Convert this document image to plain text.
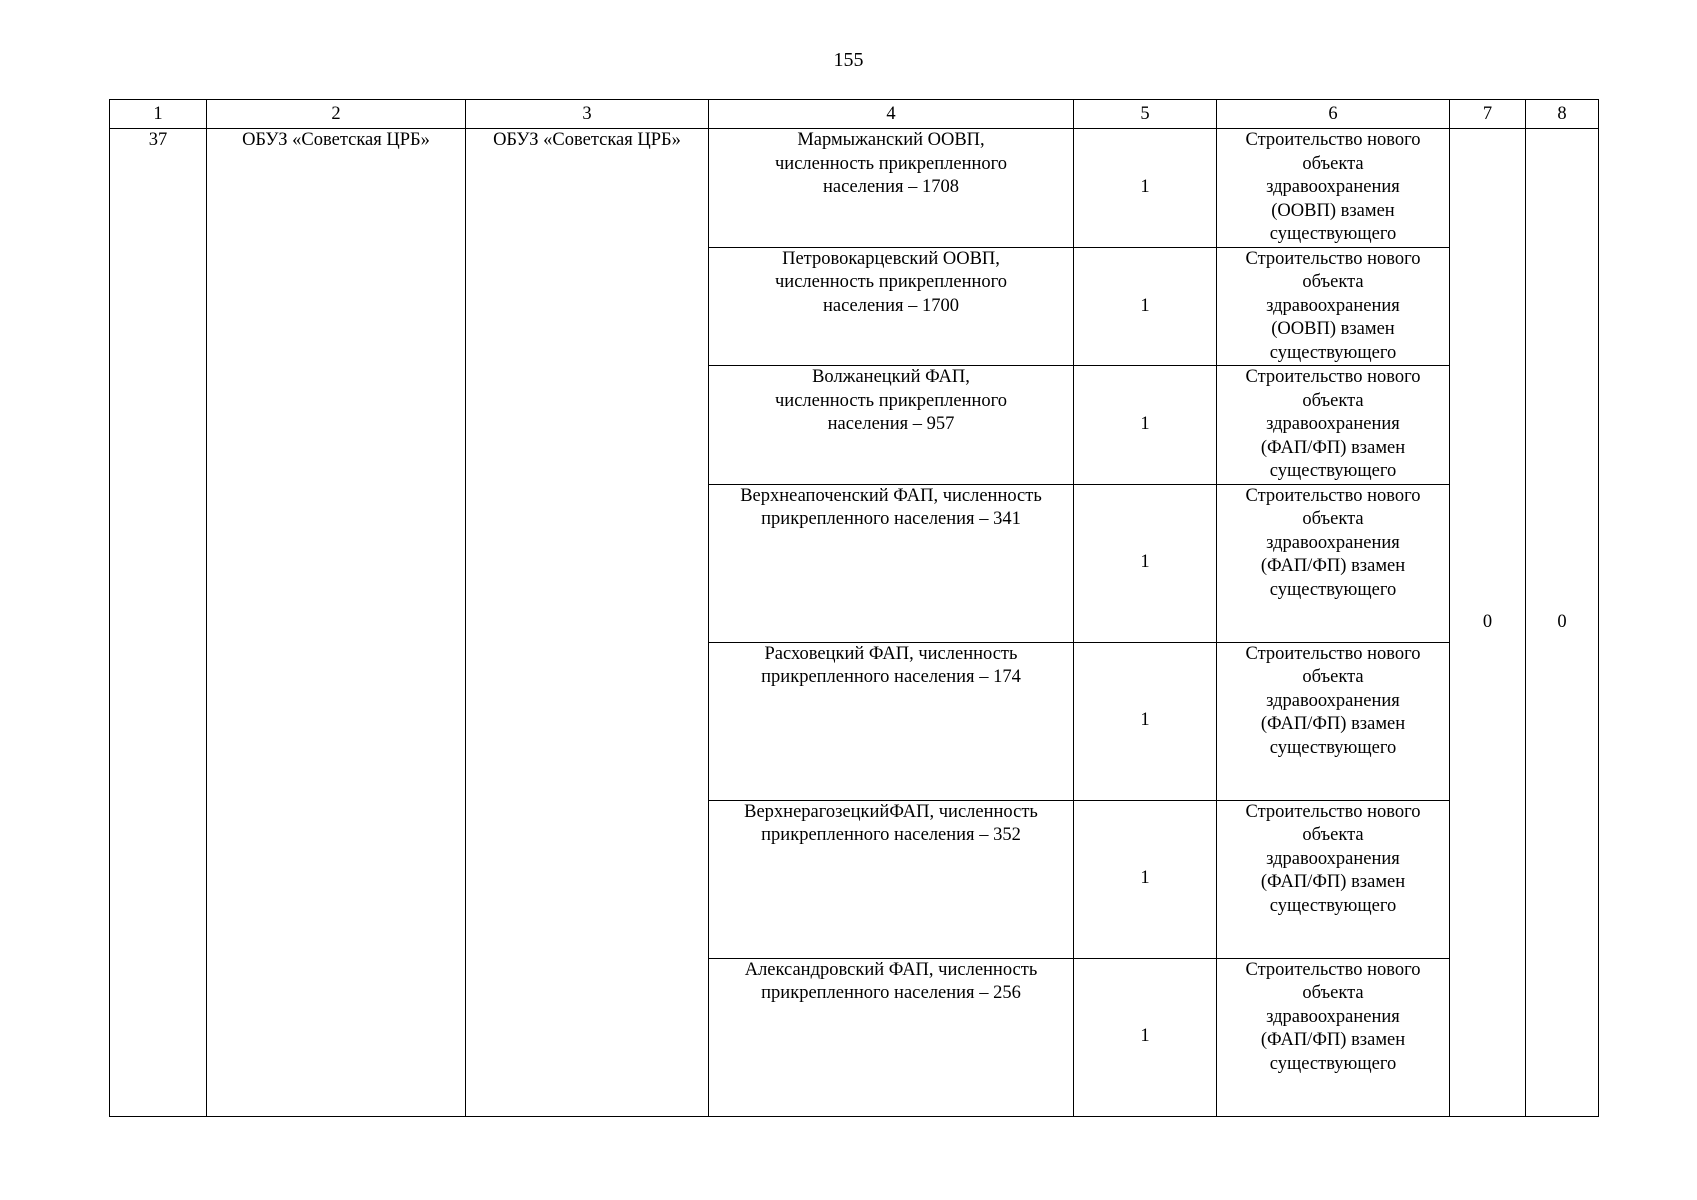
155
1	2	3	4	5	6	7	8
37	ОБУЗ «Советская ЦРБ»	ОБУЗ «Советская ЦРБ»	Мармыжанский ООВП,
численность прикрепленного
населения – 1708	1	Строительство нового
объекта
здравоохранения
(ООВП) взамен
существующего	0	0

			Петровокарцевский ООВП,
численность прикрепленного
населения – 1700	1	Строительство нового
объекта
здравоохранения
(ООВП) взамен
существующего		

			Волжанецкий ФАП,
численность прикрепленного
населения – 957	1	Строительство нового
объекта
здравоохранения
(ФАП/ФП) взамен
существующего		

			Верхнеапоченский ФАП, численность
прикрепленного населения – 341	1	Строительство нового
объекта
здравоохранения
(ФАП/ФП) взамен
существующего		

			Расховецкий ФАП, численность
прикрепленного населения – 174	1	Строительство нового
объекта
здравоохранения
(ФАП/ФП) взамен
существующего		

			ВерхнерагозецкийФАП, численность
прикрепленного населения – 352	1	Строительство нового
объекта
здравоохранения
(ФАП/ФП) взамен
существующего		

			Александровский ФАП, численность
прикрепленного населения – 256	1	Строительство нового
объекта
здравоохранения
(ФАП/ФП) взамен
существующего		
